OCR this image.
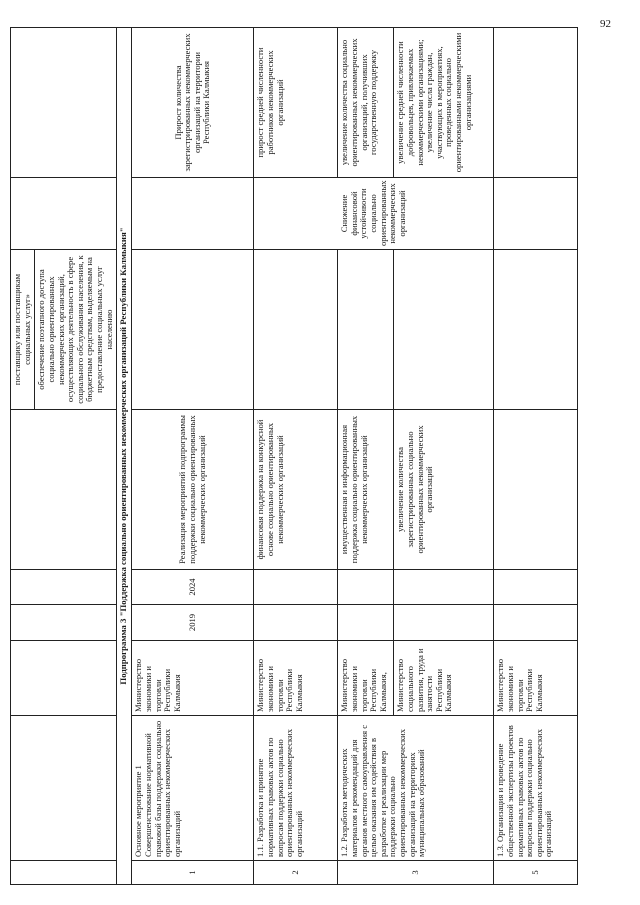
92

						поставщику или поставщикам социальных услуг» обеспечение поэтапного доступа социально ориентированных некоммерческих организаций, осуществляющих деятельность в сфере социального обслуживания населения, к бюджетным средствам, выделяемым на предоставление социальных услуг населению		

Подпрограмма 3 "Поддержка социально ориентированных некоммерческих организаций Республики Калмыкия"								
1	Основное мероприятие 1 Совершенствование нормативной правовой базы поддержки социально ориентированных некоммерческих организаций	Министерство экономики и торговли Республики Калмыкия	2019	2024	Реализация мероприятий подпрограммы поддержки социально ориентированных некоммерческих организаций			Прирост количества зарегистрированных некоммерческих организаций на территории Республики Калмыкия
2	1.1. Разработка и принятие нормативных правовых актов по вопросам поддержки социально ориентированных некоммерческих организаций	Министерство экономики и торговли Республики Калмыкия			финансовая поддержка на конкурсной основе социально ориентированных некоммерческих организаций		Снижение финансовой устойчивости социально ориентированных некоммерческих организаций	прирост средней численности работников некоммерческих организаций
3	1.2. Разработка методических материалов и рекомендаций для органов местного самоуправления с целью оказания им содействия в разработке и реализации мер поддержки социально ориентированных некоммерческих организаций на территориях муниципальных образований	Министерство экономики и торговли Республики Калмыкия,			имущественная и информационная поддержка социально ориентированных некоммерческих организаций			увеличение количества социально ориентированных некоммерческих организаций, получивших государственную поддержку
		Министерство социального развития, труда и занятости Республики Калмыкия			увеличение количества зарегистрированных социально ориентированных некоммерческих организаций			увеличение средней численности добровольцев, привлекаемых некоммерческими организациями; увеличение числа граждан, участвующих в мероприятиях, проведенных социально ориентированными некоммерческими организациями
5	1.3. Организация и проведение общественной экспертизы проектов нормативных правовых актов по вопросам поддержки социально ориентированных некоммерческих организаций	Министерство экономики и торговли Республики Калмыкия						
